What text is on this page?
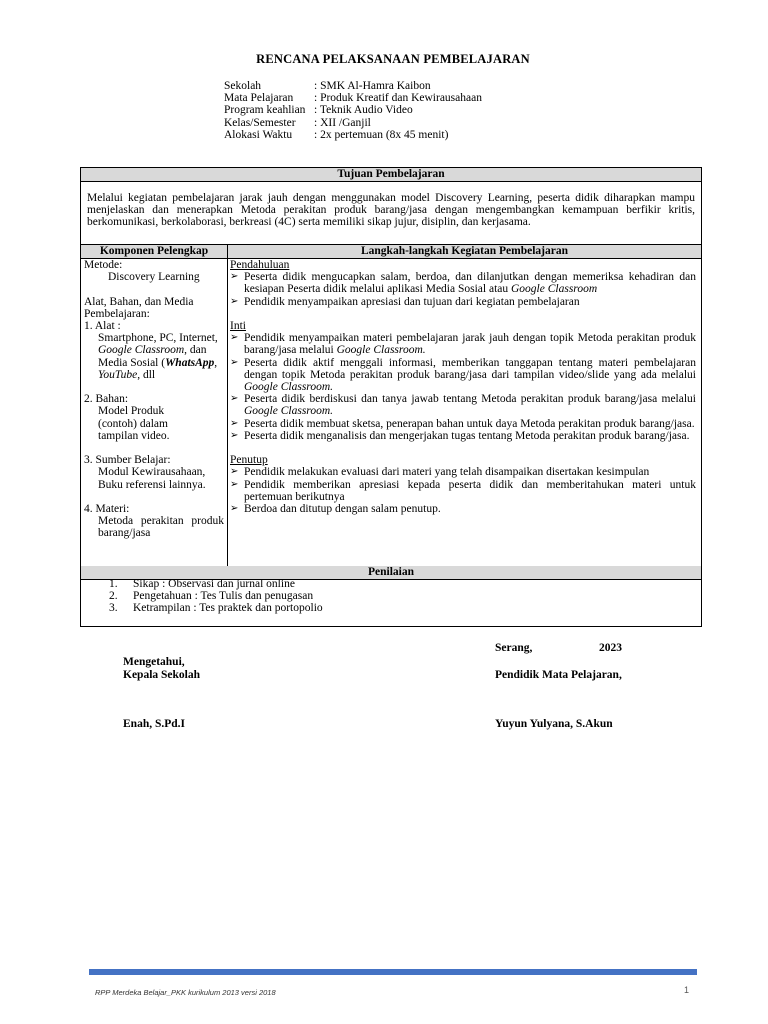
RENCANA PELAKSANAAN PEMBELAJARAN
Sekolah	: SMK Al-Hamra Kaibon
Mata Pelajaran	: Produk Kreatif dan Kewirausahaan
Program keahlian : Teknik Audio Video
Kelas/Semester	: XII /Ganjil
Alokasi Waktu	: 2x pertemuan (8x 45 menit)
Tujuan Pembelajaran
Melalui kegiatan pembelajaran jarak jauh dengan menggunakan model Discovery Learning, peserta didik diharapkan mampu menjelaskan dan menerapkan Metoda perakitan produk barang/jasa dengan mengembangkan kemampuan berfikir kritis, berkomunikasi, berkolaborasi, berkreasi (4C) serta memiliki sikap jujur, disiplin, dan kerjasama.
Komponen Pelengkap	Langkah-langkah Kegiatan Pembelajaran
Metode:
Discovery Learning
Alat, Bahan, dan Media Pembelajaran:
1. Alat :
Smartphone, PC, Internet, Google Classroom, dan Media Sosial (WhatsApp, YouTube, dll
2. Bahan:
Model Produk (contoh) dalam tampilan video.
3. Sumber Belajar:
Modul Kewirausahaan, Buku referensi lainnya.
4. Materi:
Metoda perakitan produk barang/jasa
Pendahuluan
➢ Peserta didik mengucapkan salam, berdoa, dan dilanjutkan dengan memeriksa kehadiran dan kesiapan Peserta didik melalui aplikasi Media Sosial atau Google Classroom
➢ Pendidik menyampaikan apresiasi dan tujuan dari kegiatan pembelajaran
Inti
➢ Pendidik menyampaikan materi pembelajaran jarak jauh dengan topik Metoda perakitan produk barang/jasa melalui Google Classroom.
➢ Peserta didik aktif menggali informasi, memberikan tanggapan tentang materi pembelajaran dengan topik Metoda perakitan produk barang/jasa dari tampilan video/slide yang ada melalui Google Classroom.
➢ Peserta didik berdiskusi dan tanya jawab tentang Metoda perakitan produk barang/jasa melalui Google Classroom.
➢ Peserta didik membuat sketsa, penerapan bahan untuk daya Metoda perakitan produk barang/jasa.
➢ Peserta didik menganalisis dan mengerjakan tugas tentang Metoda perakitan produk barang/jasa.
Penutup
➢ Pendidik melakukan evaluasi dari materi yang telah disampaikan disertakan kesimpulan
➢ Pendidik memberikan apresiasi kepada peserta didik dan memberitahukan materi untuk pertemuan berikutnya
➢ Berdoa dan ditutup dengan salam penutup.
Penilaian
1.	Sikap : Observasi dan jurnal online
2.	Pengetahuan : Tes Tulis dan penugasan
3.	Ketrampilan : Tes praktek dan portopolio
Serang,	2023
Mengetahui,
Kepala Sekolah	Pendidik Mata Pelajaran,
Enah, S.Pd.I	Yuyun Yulyana, S.Akun
RPP Merdeka Belajar_PKK kurikulum 2013 versi 2018	1
